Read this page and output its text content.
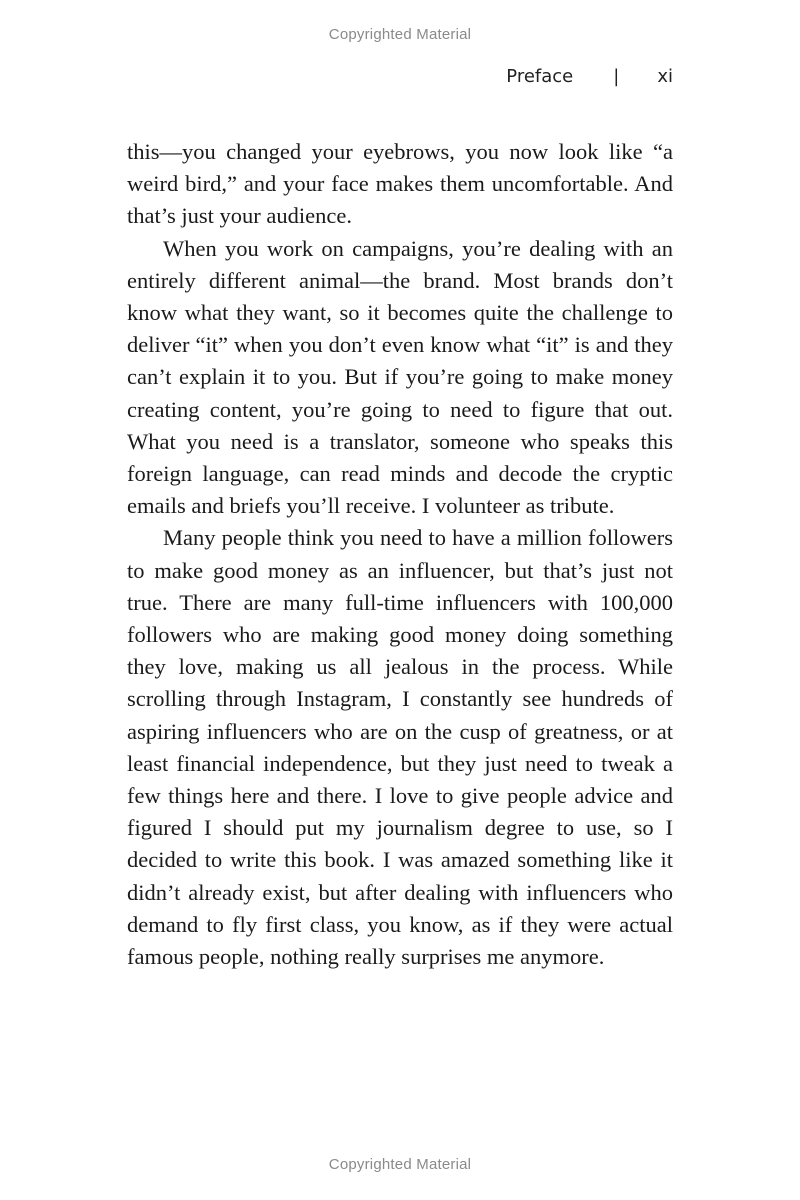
Copyrighted Material
Preface | xi

this—you changed your eyebrows, you now look like “a weird bird,” and your face makes them uncomfortable. And that’s just your audience.

When you work on campaigns, you’re dealing with an entirely different animal—the brand. Most brands don’t know what they want, so it becomes quite the challenge to deliver “it” when you don’t even know what “it” is and they can’t explain it to you. But if you’re going to make money creating content, you’re going to need to figure that out. What you need is a translator, someone who speaks this foreign language, can read minds and decode the cryptic emails and briefs you’ll receive. I volunteer as tribute.

Many people think you need to have a million followers to make good money as an influencer, but that’s just not true. There are many full-time influencers with 100,000 followers who are making good money doing something they love, making us all jealous in the process. While scrolling through Instagram, I constantly see hundreds of aspiring influencers who are on the cusp of greatness, or at least financial independence, but they just need to tweak a few things here and there. I love to give people advice and figured I should put my journalism degree to use, so I decided to write this book. I was amazed something like it didn’t already exist, but after dealing with influencers who demand to fly first class, you know, as if they were actual famous people, nothing really surprises me anymore.

Copyrighted Material
